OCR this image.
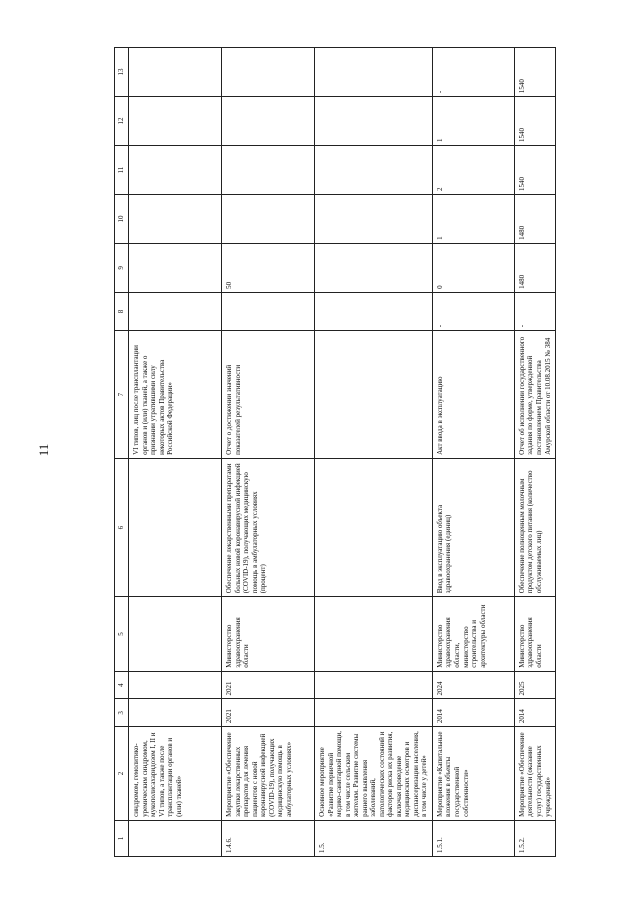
11
1	2	3	4	5	6	7	8	9	10	11	12	13
	синдромом, гемолитико-уремическим синдромом, мукополисахаридозом I, II и VI типов, а также после трансплантации органов и (или) тканей»					VI типов, лиц после трансплантации органов и (или) тканей, а также о признании утратившими силу некоторых актов Правительства Российской Федерации»						
1.4.6.	Мероприятие «Обеспечение закупки лекарственных препаратов для лечения пациентов с новой коронавирусной инфекцией (COVID-19), получающих медицинскую помощь в амбулаторных условиях»	2021	2021	Министерство здравоохранения области	Обеспечение лекарственными препаратами больных новой коронавирусной инфекцией (COVID-19), получающих медицинскую помощь в амбулаторных условиях (процент)	Отчет о достижении значений показателей результативности		50				
1.5.	Основное мероприятие «Развитие первичной медико-санитарной помощи, в том числе сельским жителям. Развитие системы раннего выявления заболеваний, патологических состояний и факторов риска их развития, включая проведение медицинских осмотров и диспансеризации населения, в том числе у детей»											
1.5.1.	Мероприятие «Капитальные вложения в объекты государственной собственности»	2014	2024	Министерство здравоохранения области, министерство строительства и архитектуры области	Ввод в эксплуатацию объекта здравоохранения (единиц)	Акт ввода в эксплуатацию	-	0	1	2	1	-
1.5.2.	Мероприятие «Обеспечение деятельности (оказание услуг) государственных учреждений»	2014	2025	Министерство здравоохранения области	Обеспечение полноценным молочным продуктом детского питания (количество обслуживаемых лиц)	Отчет об исполнении государственного задания по форме, утвержденной постановлением Правительства Амурской области от 10.08.2015 № 384	-	1480	1480	1540	1540	1540
